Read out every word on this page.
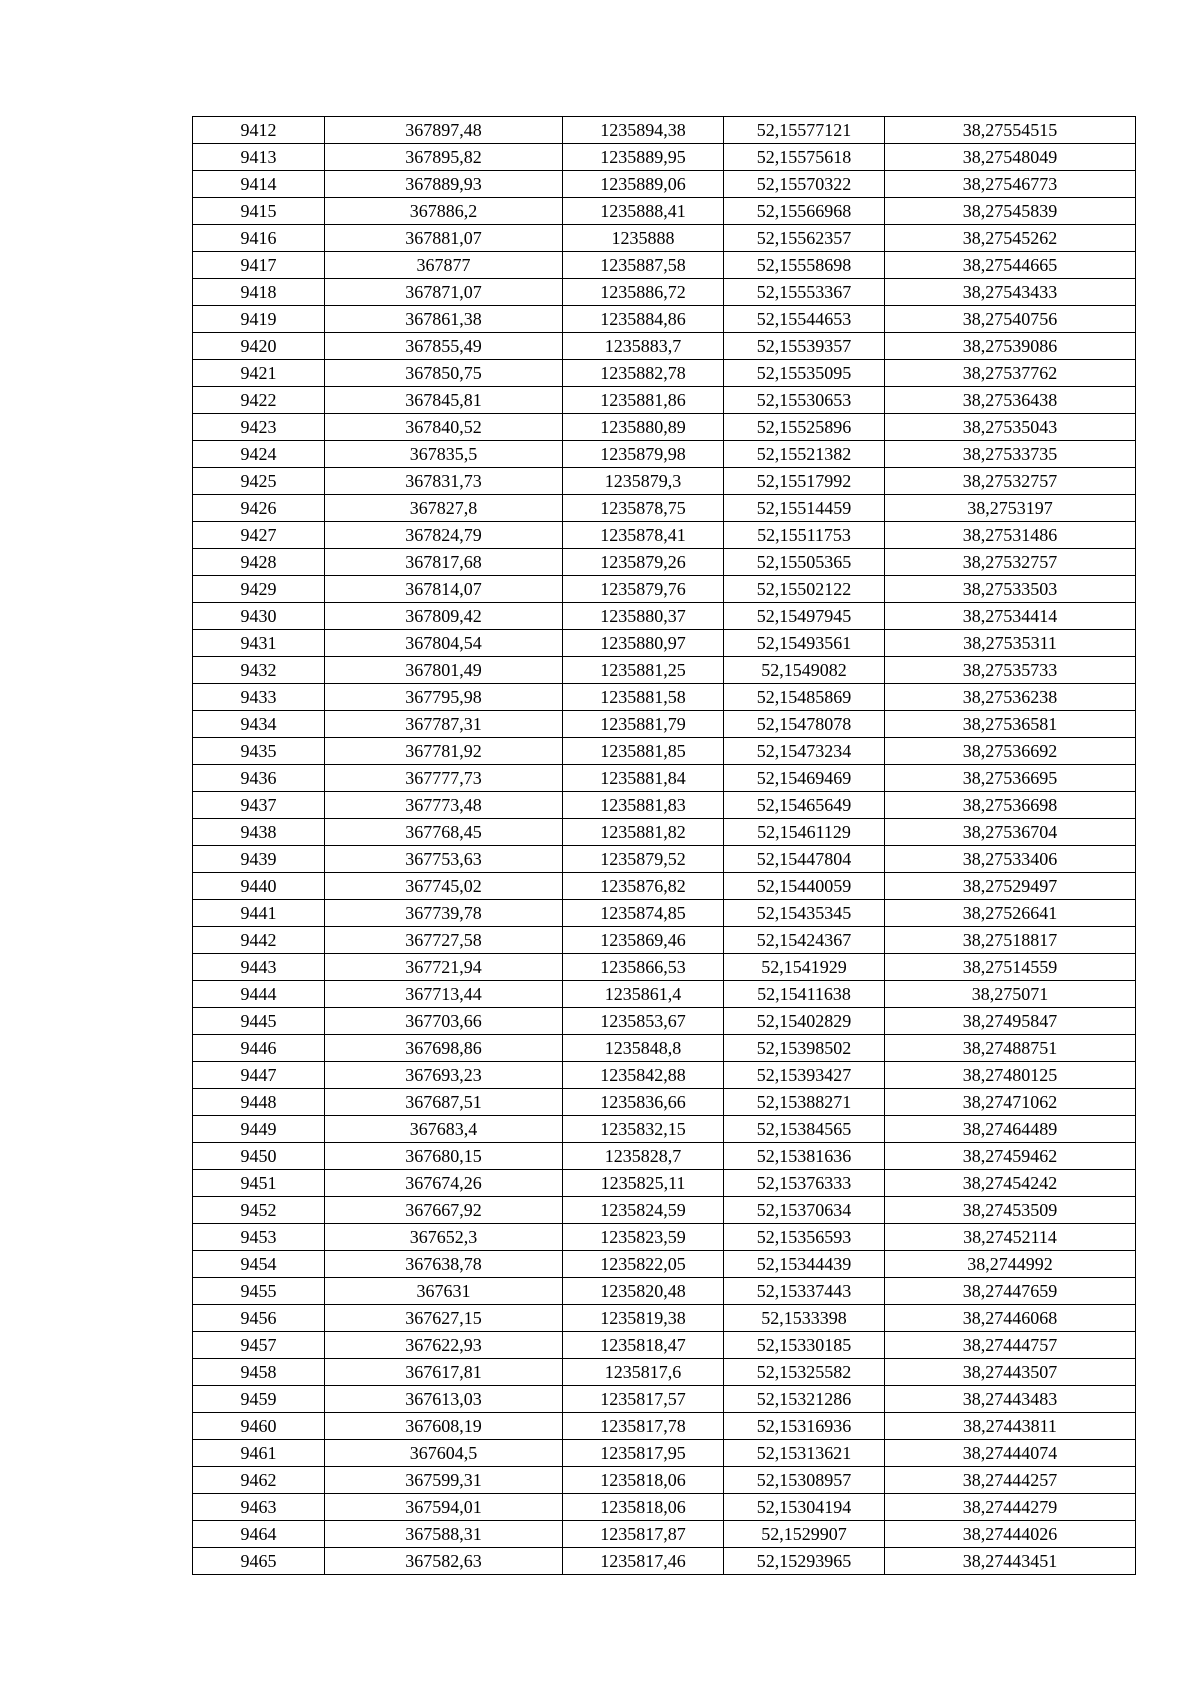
9412	367897,48	1235894,38	52,15577121	38,27554515
9413	367895,82	1235889,95	52,15575618	38,27548049
9414	367889,93	1235889,06	52,15570322	38,27546773
9415	367886,2	1235888,41	52,15566968	38,27545839
9416	367881,07	1235888	52,15562357	38,27545262
9417	367877	1235887,58	52,15558698	38,27544665
9418	367871,07	1235886,72	52,15553367	38,27543433
9419	367861,38	1235884,86	52,15544653	38,27540756
9420	367855,49	1235883,7	52,15539357	38,27539086
9421	367850,75	1235882,78	52,15535095	38,27537762
9422	367845,81	1235881,86	52,15530653	38,27536438
9423	367840,52	1235880,89	52,15525896	38,27535043
9424	367835,5	1235879,98	52,15521382	38,27533735
9425	367831,73	1235879,3	52,15517992	38,27532757
9426	367827,8	1235878,75	52,15514459	38,2753197
9427	367824,79	1235878,41	52,15511753	38,27531486
9428	367817,68	1235879,26	52,15505365	38,27532757
9429	367814,07	1235879,76	52,15502122	38,27533503
9430	367809,42	1235880,37	52,15497945	38,27534414
9431	367804,54	1235880,97	52,15493561	38,27535311
9432	367801,49	1235881,25	52,1549082	38,27535733
9433	367795,98	1235881,58	52,15485869	38,27536238
9434	367787,31	1235881,79	52,15478078	38,27536581
9435	367781,92	1235881,85	52,15473234	38,27536692
9436	367777,73	1235881,84	52,15469469	38,27536695
9437	367773,48	1235881,83	52,15465649	38,27536698
9438	367768,45	1235881,82	52,15461129	38,27536704
9439	367753,63	1235879,52	52,15447804	38,27533406
9440	367745,02	1235876,82	52,15440059	38,27529497
9441	367739,78	1235874,85	52,15435345	38,27526641
9442	367727,58	1235869,46	52,15424367	38,27518817
9443	367721,94	1235866,53	52,1541929	38,27514559
9444	367713,44	1235861,4	52,15411638	38,275071
9445	367703,66	1235853,67	52,15402829	38,27495847
9446	367698,86	1235848,8	52,15398502	38,27488751
9447	367693,23	1235842,88	52,15393427	38,27480125
9448	367687,51	1235836,66	52,15388271	38,27471062
9449	367683,4	1235832,15	52,15384565	38,27464489
9450	367680,15	1235828,7	52,15381636	38,27459462
9451	367674,26	1235825,11	52,15376333	38,27454242
9452	367667,92	1235824,59	52,15370634	38,27453509
9453	367652,3	1235823,59	52,15356593	38,27452114
9454	367638,78	1235822,05	52,15344439	38,2744992
9455	367631	1235820,48	52,15337443	38,27447659
9456	367627,15	1235819,38	52,1533398	38,27446068
9457	367622,93	1235818,47	52,15330185	38,27444757
9458	367617,81	1235817,6	52,15325582	38,27443507
9459	367613,03	1235817,57	52,15321286	38,27443483
9460	367608,19	1235817,78	52,15316936	38,27443811
9461	367604,5	1235817,95	52,15313621	38,27444074
9462	367599,31	1235818,06	52,15308957	38,27444257
9463	367594,01	1235818,06	52,15304194	38,27444279
9464	367588,31	1235817,87	52,1529907	38,27444026
9465	367582,63	1235817,46	52,15293965	38,27443451
